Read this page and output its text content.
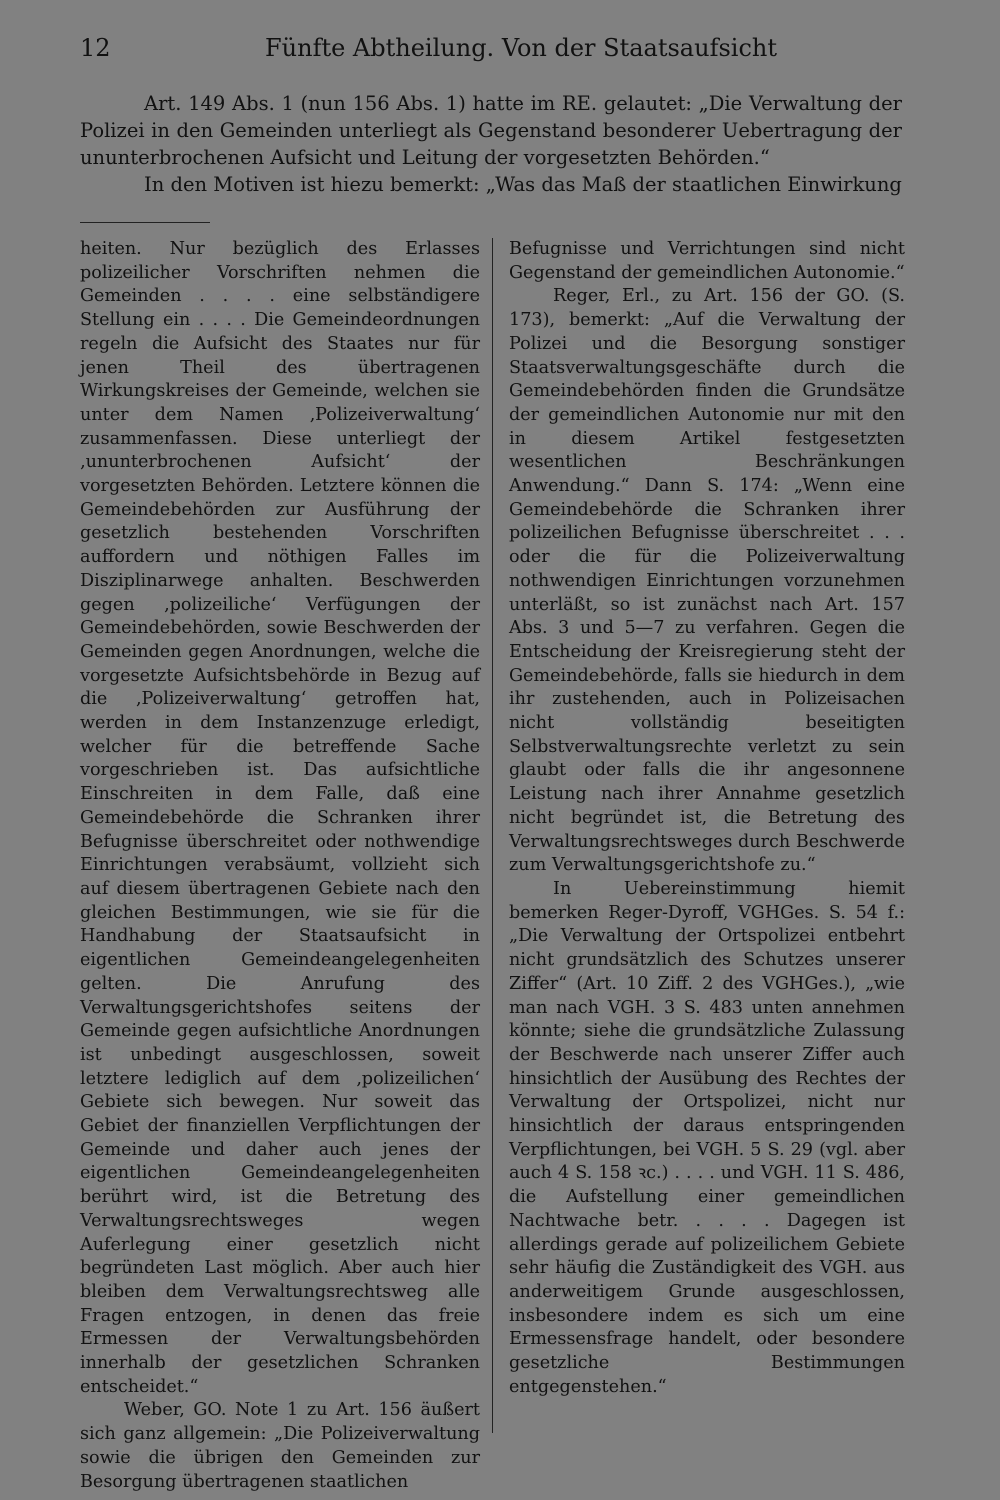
12	Fünfte Abtheilung. Von der Staatsaufsicht

Art. 149 Abs. 1 (nun 156 Abs. 1) hatte im RE. gelautet: „Die Verwaltung der Polizei in den Gemeinden unterliegt als Gegenstand besonderer Uebertragung der ununterbrochenen Aufsicht und Leitung der vorgesetzten Behörden.“

In den Motiven ist hiezu bemerkt: „Was das Maß der staatlichen Einwirkung

heiten. Nur bezüglich des Erlasses polizeilicher Vorschriften nehmen die Gemeinden . . . . eine selbständigere Stellung ein . . . . Die Gemeindeordnungen regeln die Aufsicht des Staates nur für jenen Theil des übertragenen Wirkungskreises der Gemeinde, welchen sie unter dem Namen ‚Polizeiverwaltung‘ zusammenfassen. Diese unterliegt der ‚ununterbrochenen Aufsicht‘ der vorgesetzten Behörden. Letztere können die Gemeindebehörden zur Ausführung der gesetzlich bestehenden Vorschriften auffordern und nöthigen Falles im Disziplinarwege anhalten. Beschwerden gegen ‚polizeiliche‘ Verfügungen der Gemeindebehörden, sowie Beschwerden der Gemeinden gegen Anordnungen, welche die vorgesetzte Aufsichtsbehörde in Bezug auf die ‚Polizeiverwaltung‘ getroffen hat, werden in dem Instanzenzuge erledigt, welcher für die betreffende Sache vorgeschrieben ist. Das aufsichtliche Einschreiten in dem Falle, daß eine Gemeindebehörde die Schranken ihrer Befugnisse überschreitet oder nothwendige Einrichtungen verabsäumt, vollzieht sich auf diesem übertragenen Gebiete nach den gleichen Bestimmungen, wie sie für die Handhabung der Staatsaufsicht in eigentlichen Gemeindeangelegenheiten gelten. Die Anrufung des Verwaltungsgerichtshofes seitens der Gemeinde gegen aufsichtliche Anordnungen ist unbedingt ausgeschlossen, soweit letztere lediglich auf dem ‚polizeilichen‘ Gebiete sich bewegen. Nur soweit das Gebiet der finanziellen Verpflichtungen der Gemeinde und daher auch jenes der eigentlichen Gemeindeangelegenheiten berührt wird, ist die Betretung des Verwaltungsrechtsweges wegen Auferlegung einer gesetzlich nicht begründeten Last möglich. Aber auch hier bleiben dem Verwaltungsrechtsweg alle Fragen entzogen, in denen das freie Ermessen der Verwaltungsbehörden innerhalb der gesetzlichen Schranken entscheidet.“

Weber, GO. Note 1 zu Art. 156 äußert sich ganz allgemein: „Die Polizeiverwaltung sowie die übrigen den Gemeinden zur Besorgung übertragenen staatlichen

Befugnisse und Verrichtungen sind nicht Gegenstand der gemeindlichen Autonomie.“

Reger, Erl., zu Art. 156 der GO. (S. 173), bemerkt: „Auf die Verwaltung der Polizei und die Besorgung sonstiger Staatsverwaltungsgeschäfte durch die Gemeindebehörden finden die Grundsätze der gemeindlichen Autonomie nur mit den in diesem Artikel festgesetzten wesentlichen Beschränkungen Anwendung.“ Dann S. 174: „Wenn eine Gemeindebehörde die Schranken ihrer polizeilichen Befugnisse überschreitet . . . oder die für die Polizeiverwaltung nothwendigen Einrichtungen vorzunehmen unterläßt, so ist zunächst nach Art. 157 Abs. 3 und 5—7 zu verfahren. Gegen die Entscheidung der Kreisregierung steht der Gemeindebehörde, falls sie hiedurch in dem ihr zustehenden, auch in Polizeisachen nicht vollständig beseitigten Selbstverwaltungsrechte verletzt zu sein glaubt oder falls die ihr angesonnene Leistung nach ihrer Annahme gesetzlich nicht begründet ist, die Betretung des Verwaltungsrechtsweges durch Beschwerde zum Verwaltungsgerichtshofe zu.“

In Uebereinstimmung hiemit bemerken Reger-Dyroff, VGHGes. S. 54 f.: „Die Verwaltung der Ortspolizei entbehrt nicht grundsätzlich des Schutzes unserer Ziffer“ (Art. 10 Ziff. 2 des VGHGes.), „wie man nach VGH. 3 S. 483 unten annehmen könnte; siehe die grundsätzliche Zulassung der Beschwerde nach unserer Ziffer auch hinsichtlich der Ausübung des Rechtes der Verwaltung der Ortspolizei, nicht nur hinsichtlich der daraus entspringenden Verpflichtungen, bei VGH. 5 S. 29 (vgl. aber auch 4 S. 158 ꝛc.) . . . . und VGH. 11 S. 486, die Aufstellung einer gemeindlichen Nachtwache betr. . . . . Dagegen ist allerdings gerade auf polizeilichem Gebiete sehr häufig die Zuständigkeit des VGH. aus anderweitigem Grunde ausgeschlossen, insbesondere indem es sich um eine Ermessensfrage handelt, oder besondere gesetzliche Bestimmungen entgegenstehen.“
